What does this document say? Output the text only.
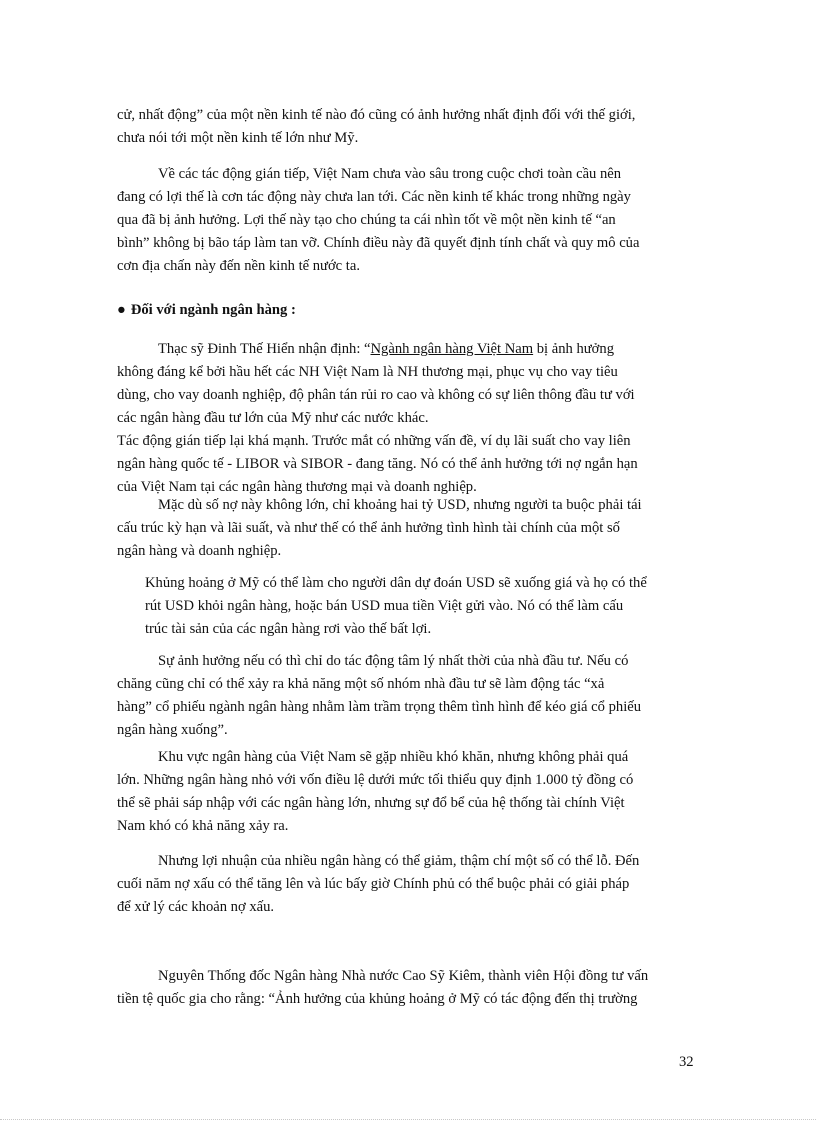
cử, nhất động” của một nền kinh tế nào đó cũng có ảnh hưởng nhất định đối với thế giới,
chưa nói tới một nền kinh tế lớn như Mỹ.
Về các tác động gián tiếp, Việt Nam chưa vào sâu trong cuộc chơi toàn cầu nên
đang có lợi thế là cơn tác động này chưa lan tới. Các nền kinh tế khác trong những ngày
qua đã bị ảnh hưởng. Lợi thế này tạo cho chúng ta cái nhìn tốt về một nền kinh tế “an
bình” không bị bão táp làm tan vỡ. Chính điều này đã quyết định tính chất và quy mô của
cơn địa chấn này đến nền kinh tế nước ta.
● Đối với ngành ngân hàng :
Thạc sỹ Đinh Thế Hiển nhận định: “Ngành ngân hàng Việt Nam bị ảnh hưởng
không đáng kể bởi hầu hết các NH Việt Nam là NH thương mại, phục vụ cho vay tiêu
dùng, cho vay doanh nghiệp, độ phân tán rủi ro cao và không có sự liên thông đầu tư với
các ngân hàng đầu tư lớn của Mỹ như các nước khác.
Tác động gián tiếp lại khá mạnh. Trước mắt có những vấn đề, ví dụ lãi suất cho vay liên
ngân hàng quốc tế - LIBOR và SIBOR - đang tăng. Nó có thể ảnh hưởng tới nợ ngắn hạn
của Việt Nam tại các ngân hàng thương mại và doanh nghiệp.
Mặc dù số nợ này không lớn, chỉ khoảng hai tỷ USD, nhưng người ta buộc phải tái
cấu trúc kỳ hạn và lãi suất, và như thế có thể ảnh hưởng tình hình tài chính của một số
ngân hàng và doanh nghiệp.
Khủng hoảng ở Mỹ có thể làm cho người dân dự đoán USD sẽ xuống giá và họ có thể
rút USD khỏi ngân hàng, hoặc bán USD mua tiền Việt gửi vào. Nó có thể làm cấu
trúc tài sản của các ngân hàng rơi vào thế bất lợi.
Sự ảnh hưởng nếu có thì chỉ do tác động tâm lý nhất thời của nhà đầu tư. Nếu có
chăng cũng chỉ có thể xảy ra khả năng một số nhóm nhà đầu tư sẽ làm động tác “xả
hàng” cổ phiếu ngành ngân hàng nhằm làm trầm trọng thêm tình hình để kéo giá cổ phiếu
ngân hàng xuống”.
Khu vực ngân hàng của Việt Nam sẽ gặp nhiều khó khăn, nhưng không phải quá
lớn. Những ngân hàng nhỏ với vốn điều lệ dưới mức tối thiểu quy định 1.000 tỷ đồng có
thể sẽ phải sáp nhập với các ngân hàng lớn, nhưng sự đổ bể của hệ thống tài chính Việt
Nam khó có khả năng xảy ra.
Nhưng lợi nhuận của nhiều ngân hàng có thể giảm, thậm chí một số có thể lỗ. Đến
cuối năm nợ xấu có thể tăng lên và lúc bấy giờ Chính phủ có thể buộc phải có giải pháp
để xử lý các khoản nợ xấu.
Nguyên Thống đốc Ngân hàng Nhà nước Cao Sỹ Kiêm, thành viên Hội đồng tư vấn
tiền tệ quốc gia cho rằng: “Ảnh hưởng của khủng hoảng ở Mỹ có tác động đến thị trường
32
